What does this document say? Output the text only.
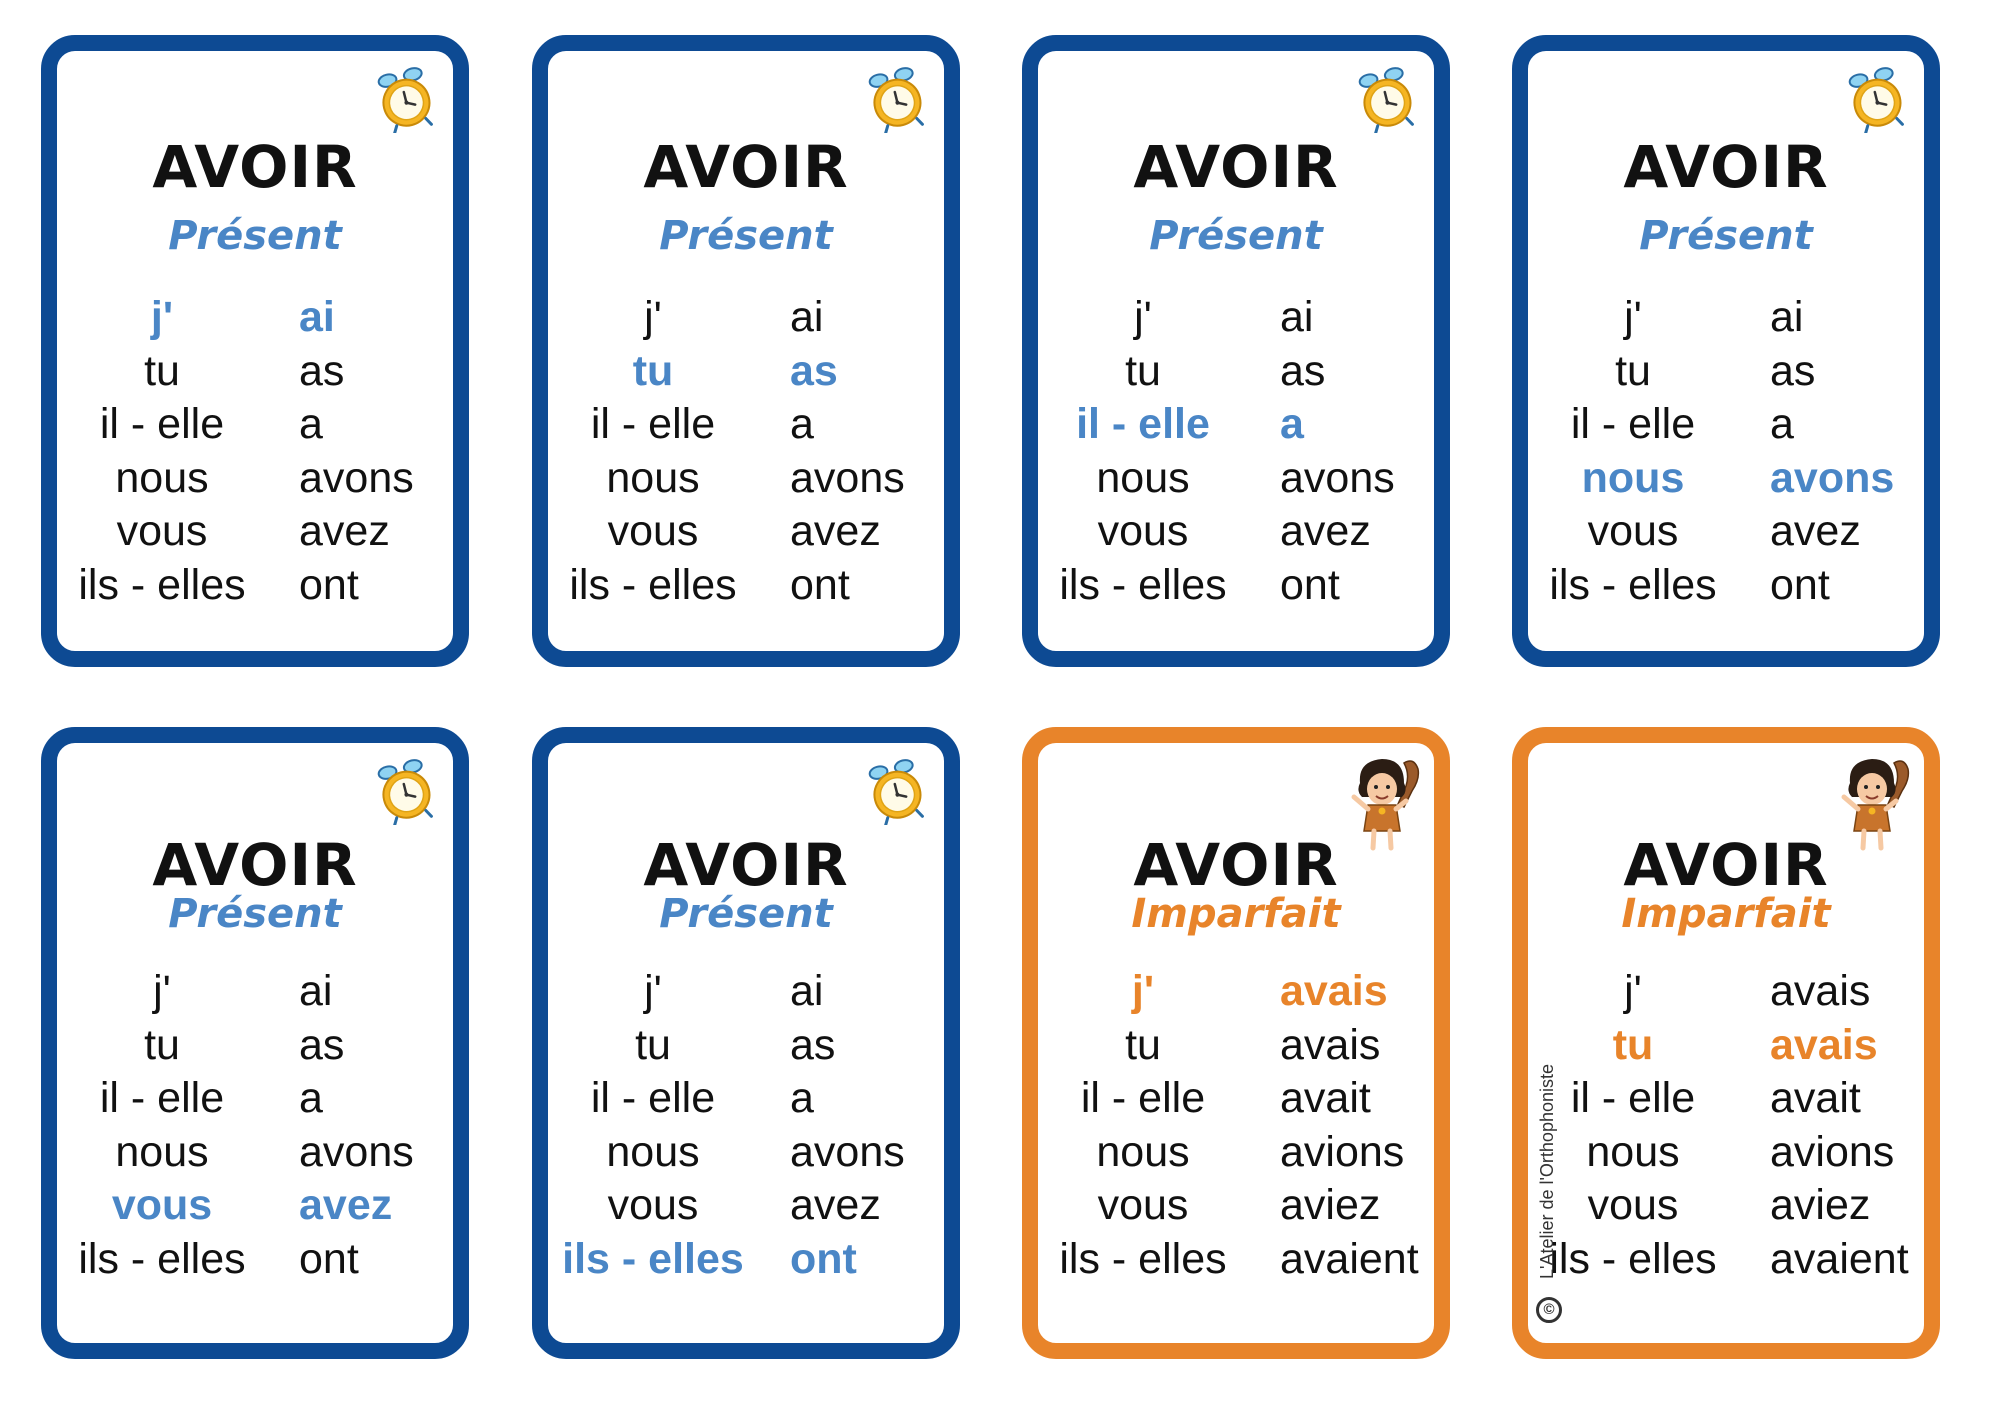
AVOIR
Présent
j'	ai
tu	as
il - elle	a
nous	avons
vous	avez
ils - elles	ont
AVOIR
Présent
j'	ai
tu	as
il - elle	a
nous	avons
vous	avez
ils - elles	ont
AVOIR
Présent
j'	ai
tu	as
il - elle	a
nous	avons
vous	avez
ils - elles	ont
AVOIR
Présent
j'	ai
tu	as
il - elle	a
nous	avons
vous	avez
ils - elles	ont
AVOIR
Présent
j'	ai
tu	as
il - elle	a
nous	avons
vous	avez
ils - elles	ont
AVOIR
Présent
j'	ai
tu	as
il - elle	a
nous	avons
vous	avez
ils - elles	ont
AVOIR
Imparfait
j'	avais
tu	avais
il - elle	avait
nous	avions
vous	aviez
ils - elles	avaient
AVOIR
Imparfait
j'	avais
tu	avais
il - elle	avait
nous	avions
vous	aviez
ils - elles	avaient
L'Atelier de l'Orthophoniste
©
